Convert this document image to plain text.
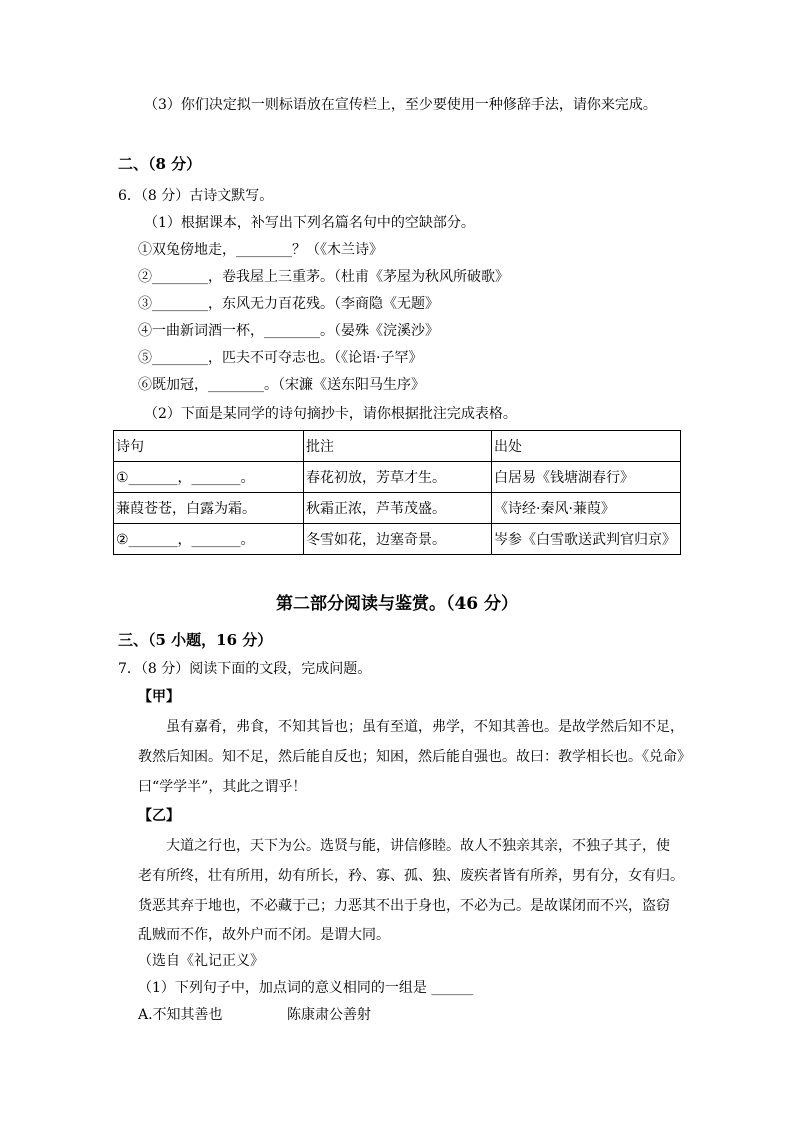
（3）你们决定拟一则标语放在宣传栏上，至少要使用一种修辞手法，请你来完成。
二、（8 分）
6．（8 分）古诗文默写。
（1）根据课本，补写出下列名篇名句中的空缺部分。
①双兔傍地走，________？（《木兰诗》
②________，卷我屋上三重茅。（杜甫《茅屋为秋风所破歌》
③________，东风无力百花残。（李商隐《无题》
④一曲新词酒一杯，________。（晏殊《浣溪沙》
⑤________，匹夫不可夺志也。（《论语·子罕》
⑥既加冠，________。（宋濂《送东阳马生序》
（2）下面是某同学的诗句摘抄卡，请你根据批注完成表格。
诗句	批注	出处
①_______，_______。	春花初放，芳草才生。	白居易《钱塘湖春行》
蒹葭苍苍，白露为霜。	秋霜正浓，芦苇茂盛。	《诗经·秦风·蒹葭》
②_______，_______。	冬雪如花，边塞奇景。	岑参《白雪歌送武判官归京》
第二部分阅读与鉴赏。（46 分）
三、（5 小题，16 分）
7．（8 分）阅读下面的文段，完成问题。
【甲】
虽有嘉肴，弗食，不知其旨也；虽有至道，弗学，不知其善也。是故学然后知不足，
教然后知困。知不足，然后能自反也；知困，然后能自强也。故曰：教学相长也。《兑命》
曰“学学半”，其此之谓乎！
【乙】
大道之行也，天下为公。选贤与能，讲信修睦。故人不独亲其亲，不独子其子，使
老有所终，壮有所用，幼有所长，矜、寡、孤、独、废疾者皆有所养，男有分，女有归。
货恶其弃于地也，不必藏于己；力恶其不出于身也，不必为己。是故谋闭而不兴，盗窃
乱贼而不作，故外户而不闭。是谓大同。
（选自《礼记正义》
（1）下列句子中，加点词的意义相同的一组是 ______
A.不知其善也	陈康肃公善射
